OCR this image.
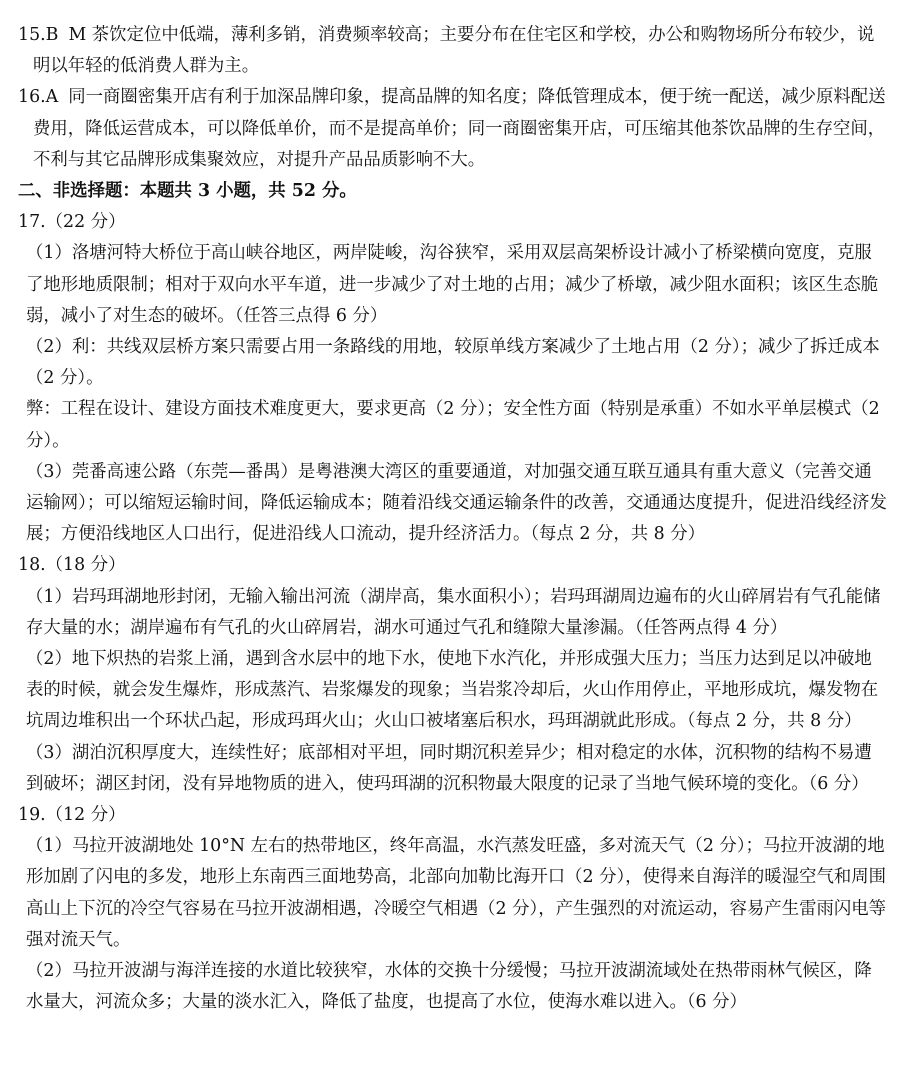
15.B M 茶饮定位中低端，薄利多销，消费频率较高；主要分布在住宅区和学校，办公和购物场所分布较少，说明以年轻的低消费人群为主。

16.A 同一商圈密集开店有利于加深品牌印象，提高品牌的知名度；降低管理成本，便于统一配送，减少原料配送费用，降低运营成本，可以降低单价，而不是提高单价；同一商圈密集开店，可压缩其他茶饮品牌的生存空间，不利与其它品牌形成集聚效应，对提升产品品质影响不大。

二、非选择题：本题共 3 小题，共 52 分。

17.（22 分）

（1）洛塘河特大桥位于高山峡谷地区，两岸陡峻，沟谷狭窄，采用双层高架桥设计减小了桥梁横向宽度，克服了地形地质限制；相对于双向水平车道，进一步减少了对土地的占用；减少了桥墩，减少阻水面积；该区生态脆弱，减小了对生态的破坏。（任答三点得 6 分）

（2）利：共线双层桥方案只需要占用一条路线的用地，较原单线方案减少了土地占用（2 分）；减少了拆迁成本（2 分）。

弊：工程在设计、建设方面技术难度更大，要求更高（2 分）；安全性方面（特别是承重）不如水平单层模式（2 分）。

（3）莞番高速公路（东莞—番禺）是粤港澳大湾区的重要通道，对加强交通互联互通具有重大意义（完善交通运输网）；可以缩短运输时间，降低运输成本；随着沿线交通运输条件的改善，交通通达度提升，促进沿线经济发展；方便沿线地区人口出行，促进沿线人口流动，提升经济活力。（每点 2 分，共 8 分）

18.（18 分）

（1）岩玛珥湖地形封闭，无输入输出河流（湖岸高，集水面积小）；岩玛珥湖周边遍布的火山碎屑岩有气孔能储存大量的水；湖岸遍布有气孔的火山碎屑岩，湖水可通过气孔和缝隙大量渗漏。（任答两点得 4 分）

（2）地下炽热的岩浆上涌，遇到含水层中的地下水，使地下水汽化，并形成强大压力；当压力达到足以冲破地表的时候，就会发生爆炸，形成蒸汽、岩浆爆发的现象；当岩浆冷却后，火山作用停止，平地形成坑，爆发物在坑周边堆积出一个环状凸起，形成玛珥火山；火山口被堵塞后积水，玛珥湖就此形成。（每点 2 分，共 8 分）

（3）湖泊沉积厚度大，连续性好；底部相对平坦，同时期沉积差异少；相对稳定的水体，沉积物的结构不易遭到破坏；湖区封闭，没有异地物质的进入，使玛珥湖的沉积物最大限度的记录了当地气候环境的变化。（6 分）

19.（12 分）

（1）马拉开波湖地处 10°N 左右的热带地区，终年高温，水汽蒸发旺盛，多对流天气（2 分）；马拉开波湖的地形加剧了闪电的多发，地形上东南西三面地势高，北部向加勒比海开口（2 分），使得来自海洋的暖湿空气和周围高山上下沉的冷空气容易在马拉开波湖相遇，冷暖空气相遇（2 分），产生强烈的对流运动，容易产生雷雨闪电等强对流天气。

（2）马拉开波湖与海洋连接的水道比较狭窄，水体的交换十分缓慢；马拉开波湖流域处在热带雨林气候区，降水量大，河流众多；大量的淡水汇入，降低了盐度，也提高了水位，使海水难以进入。（6 分）
